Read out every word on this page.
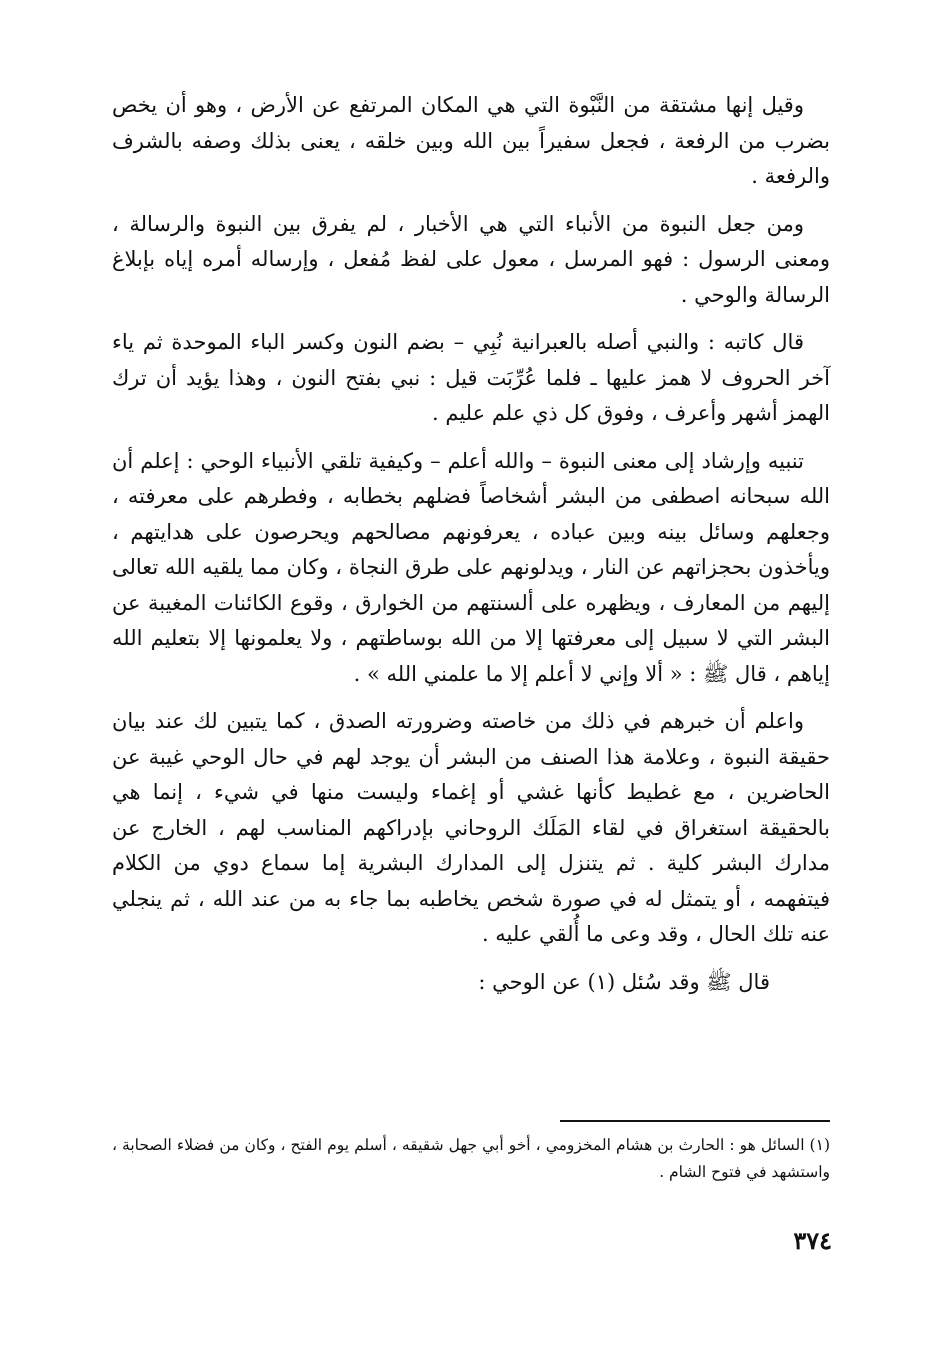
وقيل إنها مشتقة من النَّبْوة التي هي المكان المرتفع عن الأرض ، وهو أن يخص بضرب من الرفعة ، فجعل سفيراً بين الله وبين خلقه ، يعنى بذلك وصفه بالشرف والرفعة .

ومن جعل النبوة من الأنباء التي هي الأخبار ، لم يفرق بين النبوة والرسالة ، ومعنى الرسول : فهو المرسل ، معول على لفظ مُفعل ، وإرساله أمره إياه بإبلاغ الرسالة والوحي .

قال كاتبه : والنبي أصله بالعبرانية نُبِي – بضم النون وكسر الباء الموحدة ثم ياء آخر الحروف لا همز عليها ـ فلما عُرِّبَت قيل : نبي بفتح النون ، وهذا يؤيد أن ترك الهمز أشهر وأعرف ، وفوق كل ذي علم عليم .

تنبيه وإرشاد إلى معنى النبوة – والله أعلم – وكيفية تلقي الأنبياء الوحي : إعلم أن الله سبحانه اصطفى من البشر أشخاصاً فضلهم بخطابه ، وفطرهم على معرفته ، وجعلهم وسائل بينه وبين عباده ، يعرفونهم مصالحهم ويحرصون على هدايتهم ، ويأخذون بحجزاتهم عن النار ، ويدلونهم على طرق النجاة ، وكان مما يلقيه الله تعالى إليهم من المعارف ، ويظهره على ألسنتهم من الخوارق ، وقوع الكائنات المغيبة عن البشر التي لا سبيل إلى معرفتها إلا من الله بوساطتهم ، ولا يعلمونها إلا بتعليم الله إياهم ، قال ﷺ : « ألا وإني لا أعلم إلا ما علمني الله » .

واعلم أن خبرهم في ذلك من خاصته وضرورته الصدق ، كما يتبين لك عند بيان حقيقة النبوة ، وعلامة هذا الصنف من البشر أن يوجد لهم في حال الوحي غيبة عن الحاضرين ، مع غطيط كأنها غشي أو إغماء وليست منها في شيء ، إنما هي بالحقيقة استغراق في لقاء المَلَك الروحاني بإدراكهم المناسب لهم ، الخارج عن مدارك البشر كلية . ثم يتنزل إلى المدارك البشرية إما سماع دوي من الكلام فيتفهمه ، أو يتمثل له في صورة شخص يخاطبه بما جاء به من عند الله ، ثم ينجلي عنه تلك الحال ، وقد وعى ما أُلقي عليه .

قال ﷺ وقد سُئل (١) عن الوحي :

(١) السائل هو : الحارث بن هشام المخزومي ، أخو أبي جهل شقيقه ، أسلم يوم الفتح ، وكان من فضلاء الصحابة ، واستشهد في فتوح الشام .

٣٧٤
